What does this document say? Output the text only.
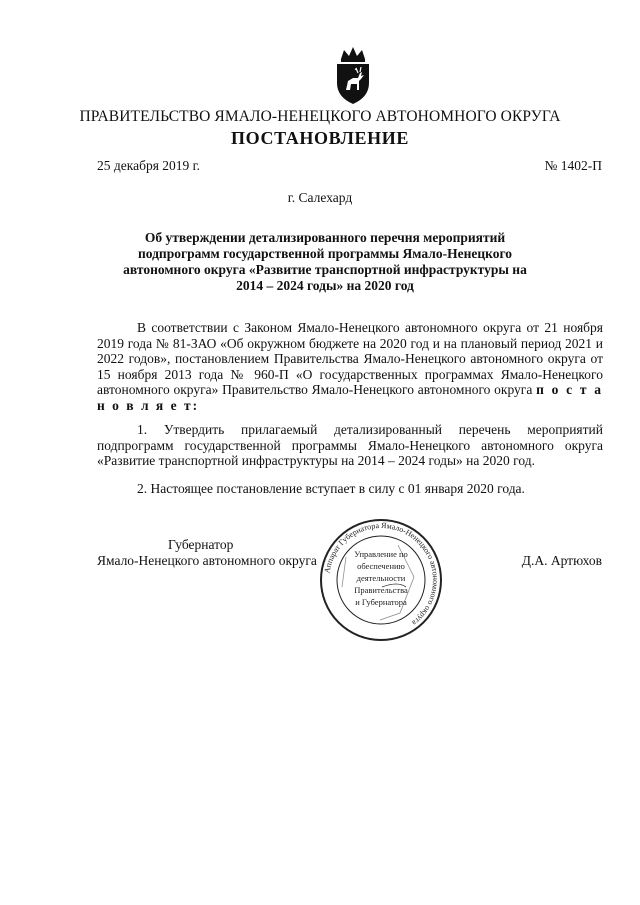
ПРАВИТЕЛЬСТВО ЯМАЛО-НЕНЕЦКОГО АВТОНОМНОГО ОКРУГА
ПОСТАНОВЛЕНИЕ
25 декабря 2019 г.	№ 1402-П
г. Салехард
Об утверждении детализированного перечня мероприятий подпрограмм государственной программы Ямало-Ненецкого автономного округа «Развитие транспортной инфраструктуры на 2014 – 2024 годы» на 2020 год
В соответствии с Законом Ямало-Ненецкого автономного округа от 21 ноября 2019 года № 81-ЗАО «Об окружном бюджете на 2020 год и на плановый период 2021 и 2022 годов», постановлением Правительства Ямало-Ненецкого автономного округа от 15 ноября 2013 года № 960-П «О государственных программах Ямало-Ненецкого автономного округа» Правительство Ямало-Ненецкого автономного округа п о с т а н о в л я е т:
1. Утвердить прилагаемый детализированный перечень мероприятий подпрограмм государственной программы Ямало-Ненецкого автономного округа «Развитие транспортной инфраструктуры на 2014 – 2024 годы» на 2020 год.
2. Настоящее постановление вступает в силу с 01 января 2020 года.
Губернатор
Ямало-Ненецкого автономного округа	Д.А. Артюхов
Аппарат Губернатора Ямало-Ненецкого автономного округа
Управление по
обеспечению
деятельности
Правительства
и Губернатора
